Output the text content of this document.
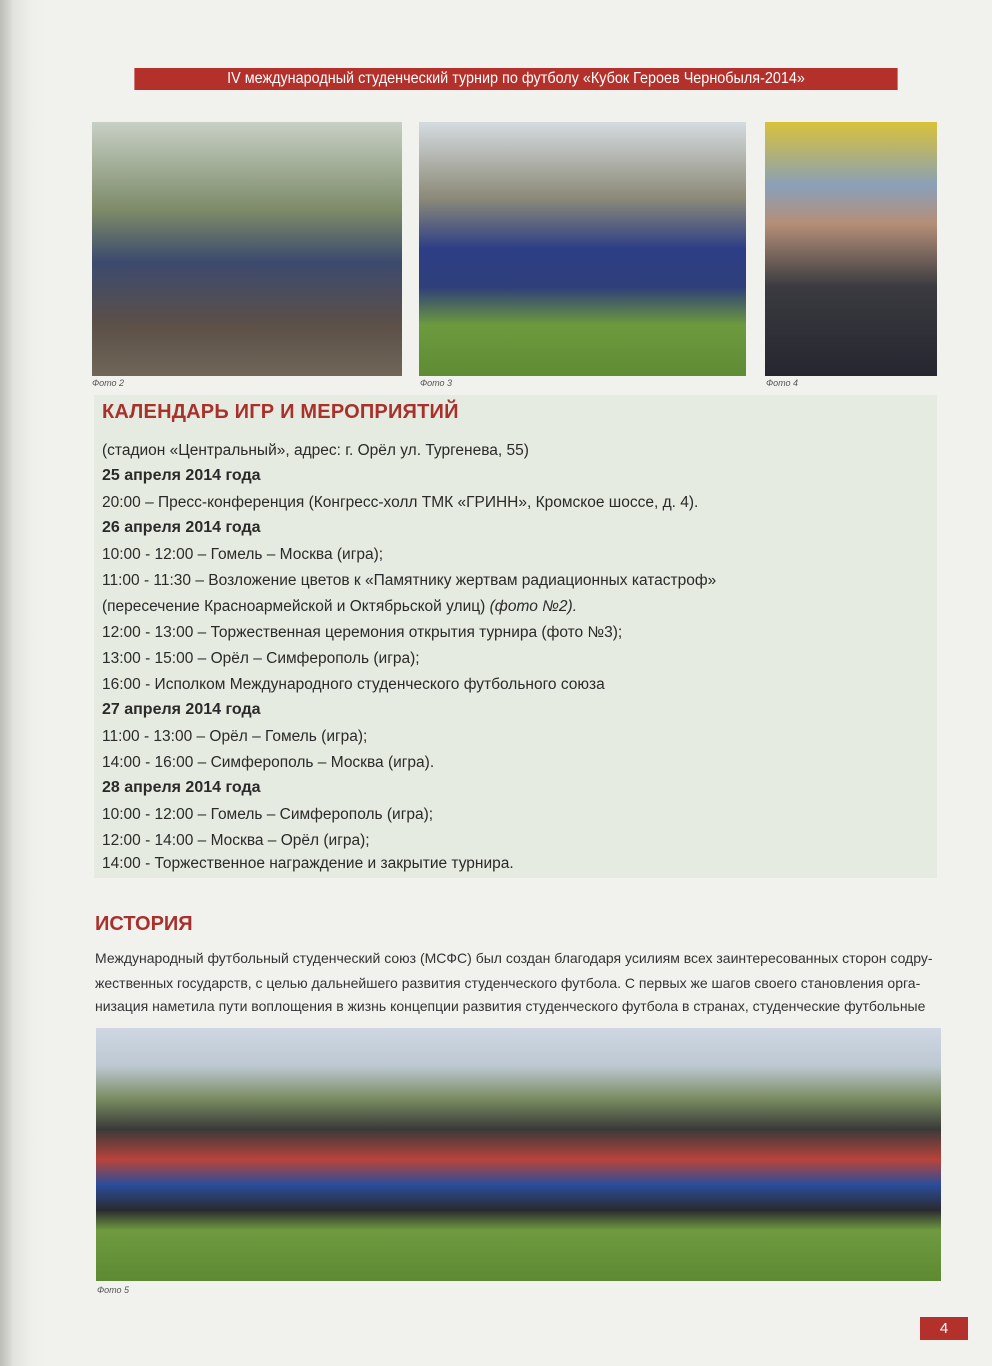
IV международный студенческий турнир по футболу «Кубок Героев Чернобыля-2014»
Фото 2	Фото 3	Фото 4
КАЛЕНДАРЬ ИГР И МЕРОПРИЯТИЙ
(стадион «Центральный», адрес: г. Орёл ул. Тургенева, 55)
25 апреля 2014 года
20:00 – Пресс-конференция (Конгресс-холл ТМК «ГРИНН», Кромское шоссе, д. 4).
26 апреля 2014 года
10:00 - 12:00 – Гомель – Москва (игра);
11:00 - 11:30 – Возложение цветов к «Памятнику жертвам радиационных катастроф»
(пересечение Красноармейской и Октябрьской улиц) (фото №2).
12:00 - 13:00 – Торжественная церемония открытия турнира (фото №3);
13:00 - 15:00 – Орёл – Симферополь (игра);
16:00 - Исполком Международного студенческого футбольного союза
27 апреля 2014 года
11:00 - 13:00 – Орёл – Гомель (игра);
14:00 - 16:00 – Симферополь – Москва (игра).
28 апреля 2014 года
10:00 - 12:00 – Гомель – Симферополь (игра);
12:00 - 14:00 – Москва – Орёл (игра);
14:00 - Торжественное награждение и закрытие турнира.
ИСТОРИЯ
Международный футбольный студенческий союз (МСФС) был создан благодаря усилиям всех заинтересованных сторон содру-
жественных государств, с целью дальнейшего развития студенческого футбола. С первых же шагов своего становления орга-
низация наметила пути воплощения в жизнь концепции развития студенческого футбола в странах, студенческие футбольные
Фото 5
4
